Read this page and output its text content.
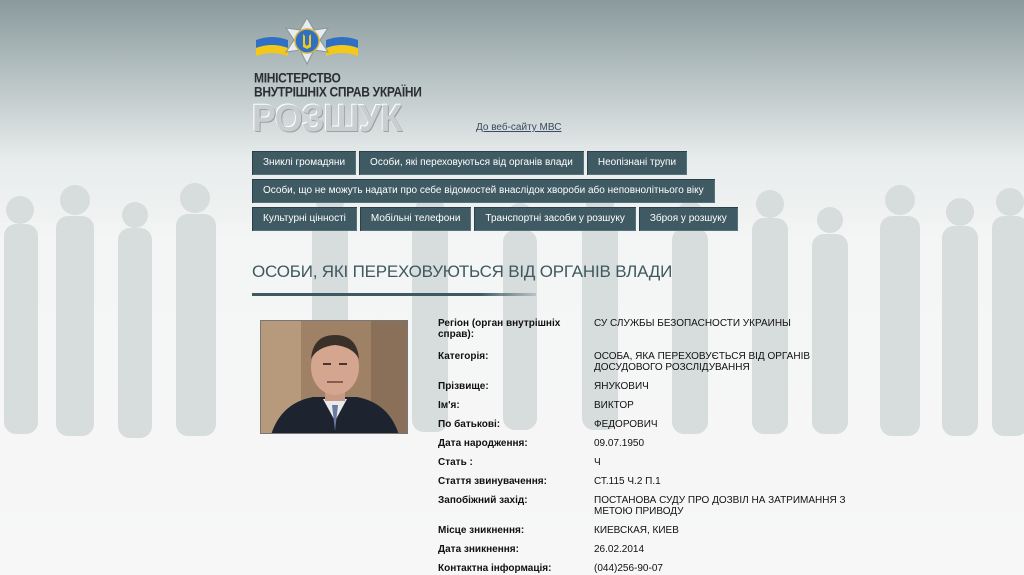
МІНІСТЕРСТВО
ВНУТРІШНІХ СПРАВ УКРАЇНИ
РОЗШУК	До веб-сайту МВС
Зниклі громадяни	Особи, які переховуються від органів влади	Неопізнані трупи
Особи, що не можуть надати про себе відомостей внаслідок хвороби або неповнолітнього віку
Культурні цінності	Мобільні телефони	Транспортні засоби у розшуку	Зброя у розшуку
ОСОБИ, ЯКІ ПЕРЕХОВУЮТЬСЯ ВІД ОРГАНІВ ВЛАДИ
Регіон (орган внутрішніх справ):
СУ СЛУЖБЫ БЕЗОПАСНОСТИ УКРАИНЫ
Категорія:	ОСОБА, ЯКА ПЕРЕХОВУЄТЬСЯ ВІД ОРГАНІВ ДОСУДОВОГО РОЗСЛІДУВАННЯ
Прізвище:	ЯНУКОВИЧ
Ім'я:	ВИКТОР
По батькові:	ФЕДОРОВИЧ
Дата народження:	09.07.1950
Стать :	Ч
Стаття звинувачення:	СТ.115 Ч.2 П.1
Запобіжний захід:	ПОСТАНОВА СУДУ ПРО ДОЗВІЛ НА ЗАТРИМАННЯ З МЕТОЮ ПРИВОДУ
Місце зникнення:	КИЕВСКАЯ, КИЕВ
Дата зникнення:	26.02.2014
Контактна інформація:	(044)256-90-07
